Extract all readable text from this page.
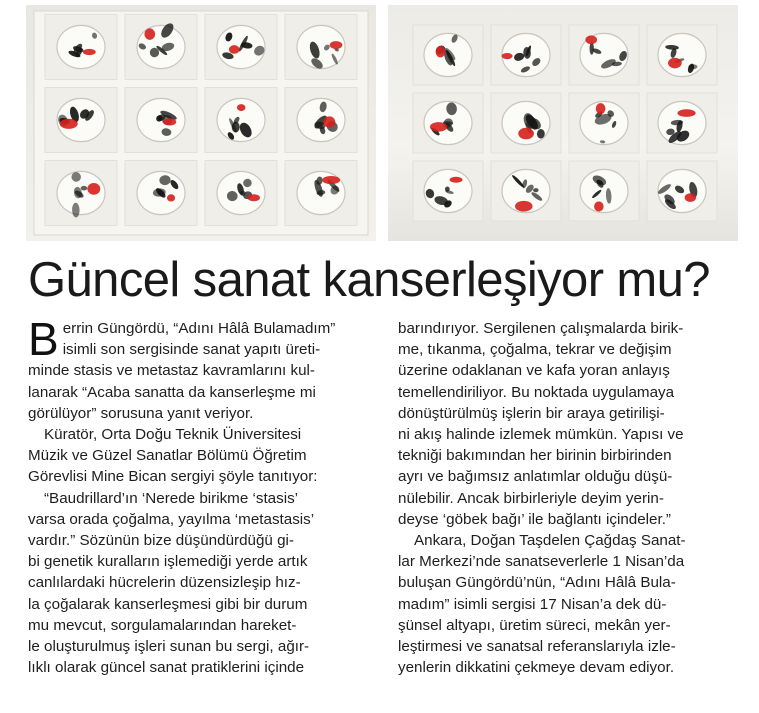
Güncel sanat kanserleşiyor mu?

B errin Güngördü, “Adını Hâlâ Bulamadım”
isimli son sergisinde sanat yapıtı üreti-
minde stasis ve metastaz kavramlarını kul-
lanarak “Acaba sanatta da kanserleşme mi
görülüyor” sorusuna yanıt veriyor.

Küratör, Orta Doğu Teknik Üniversitesi
Müzik ve Güzel Sanatlar Bölümü Öğretim
Görevlisi Mine Bican sergiyi şöyle tanıtıyor:

“Baudrillard’ın ‘Nerede birikme ‘stasis’
varsa orada çoğalma, yayılma ‘metastasis’
vardır.” Sözünün bize düşündürdüğü gi-
bi genetik kuralların işlemediği yerde artık
canlılardaki hücrelerin düzensizleşip hız-
la çoğalarak kanserleşmesi gibi bir durum
mu mevcut, sorgulamalarından hareket-
le oluşturulmuş işleri sunan bu sergi, ağır-
lıklı olarak güncel sanat pratiklerini içinde

barındırıyor. Sergilenen çalışmalarda birik-
me, tıkanma, çoğalma, tekrar ve değişim
üzerine odaklanan ve kafa yoran anlayış
temellendiriliyor. Bu noktada uygulamaya
dönüştürülmüş işlerin bir araya getirilişi-
ni akış halinde izlemek mümkün. Yapısı ve
tekniği bakımından her birinin birbirinden
ayrı ve bağımsız anlatımlar olduğu düşü-
nülebilir. Ancak birbirleriyle deyim yerin-
deyse ‘göbek bağı’ ile bağlantı içindeler.”

Ankara, Doğan Taşdelen Çağdaş Sanat-
lar Merkezi’nde sanatseverlerle 1 Nisan’da
buluşan Güngördü’nün, “Adını Hâlâ Bula-
madım” isimli sergisi 17 Nisan’a dek dü-
şünsel altyapı, üretim süreci, mekân yer-
leştirmesi ve sanatsal referanslarıyla izle-
yenlerin dikkatini çekmeye devam ediyor.
